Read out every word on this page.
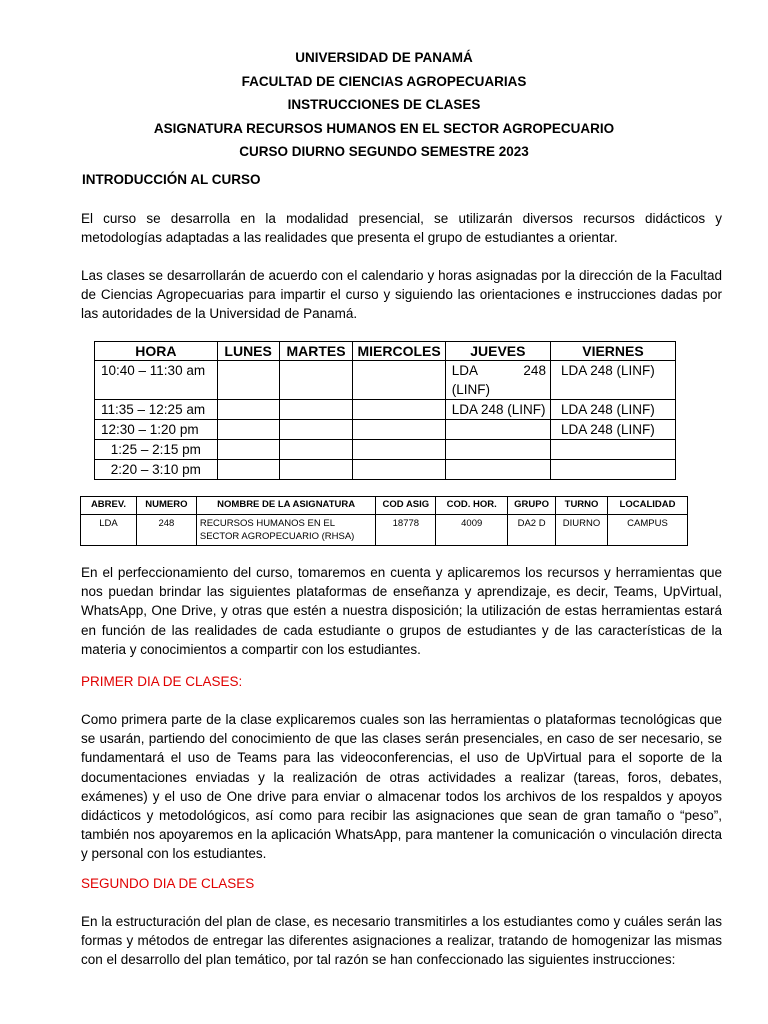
UNIVERSIDAD DE PANAMÁ
FACULTAD DE CIENCIAS AGROPECUARIAS
INSTRUCCIONES DE CLASES
ASIGNATURA RECURSOS HUMANOS EN EL SECTOR AGROPECUARIO
CURSO DIURNO SEGUNDO SEMESTRE 2023
INTRODUCCIÓN AL CURSO
El curso se desarrolla en la modalidad presencial, se utilizarán diversos recursos didácticos y metodologías adaptadas a las realidades que presenta el grupo de estudiantes a orientar.
Las clases se desarrollarán de acuerdo con el calendario y horas asignadas por la dirección de la Facultad de Ciencias Agropecuarias para impartir el curso y siguiendo las orientaciones e instrucciones dadas por las autoridades de la Universidad de Panamá.
HORA	LUNES	MARTES	MIERCOLES	JUEVES	VIERNES
10:40 – 11:30 am				LDA 248 (LINF)	LDA 248 (LINF)
11:35 – 12:25 am				LDA 248 (LINF)	LDA 248 (LINF)
12:30 – 1:20 pm					LDA 248 (LINF)
1:25 – 2:15 pm					
2:20 – 3:10 pm					
ABREV.	NUMERO	NOMBRE DE LA ASIGNATURA	COD ASIG	COD. HOR.	GRUPO	TURNO	LOCALIDAD
LDA	248	RECURSOS HUMANOS EN EL SECTOR AGROPECUARIO (RHSA)	18778	4009	DA2 D	DIURNO	CAMPUS
En el perfeccionamiento del curso, tomaremos en cuenta y aplicaremos los recursos y herramientas que nos puedan brindar las siguientes plataformas de enseñanza y aprendizaje, es decir, Teams, UpVirtual, WhatsApp, One Drive, y otras que estén a nuestra disposición; la utilización de estas herramientas estará en función de las realidades de cada estudiante o grupos de estudiantes y de las características de la materia y conocimientos a compartir con los estudiantes.
PRIMER DIA DE CLASES:
Como primera parte de la clase explicaremos cuales son las herramientas o plataformas tecnológicas que se usarán, partiendo del conocimiento de que las clases serán presenciales, en caso de ser necesario, se fundamentará el uso de Teams para las videoconferencias, el uso de UpVirtual para el soporte de la documentaciones enviadas y la realización de otras actividades a realizar (tareas, foros, debates, exámenes) y el uso de One drive para enviar o almacenar todos los archivos de los respaldos y apoyos didácticos y metodológicos, así como para recibir las asignaciones que sean de gran tamaño o “peso”, también nos apoyaremos en la aplicación WhatsApp, para mantener la comunicación o vinculación directa y personal con los estudiantes.
SEGUNDO DIA DE CLASES
En la estructuración del plan de clase, es necesario transmitirles a los estudiantes como y cuáles serán las formas y métodos de entregar las diferentes asignaciones a realizar, tratando de homogenizar las mismas con el desarrollo del plan temático, por tal razón se han confeccionado las siguientes instrucciones:
